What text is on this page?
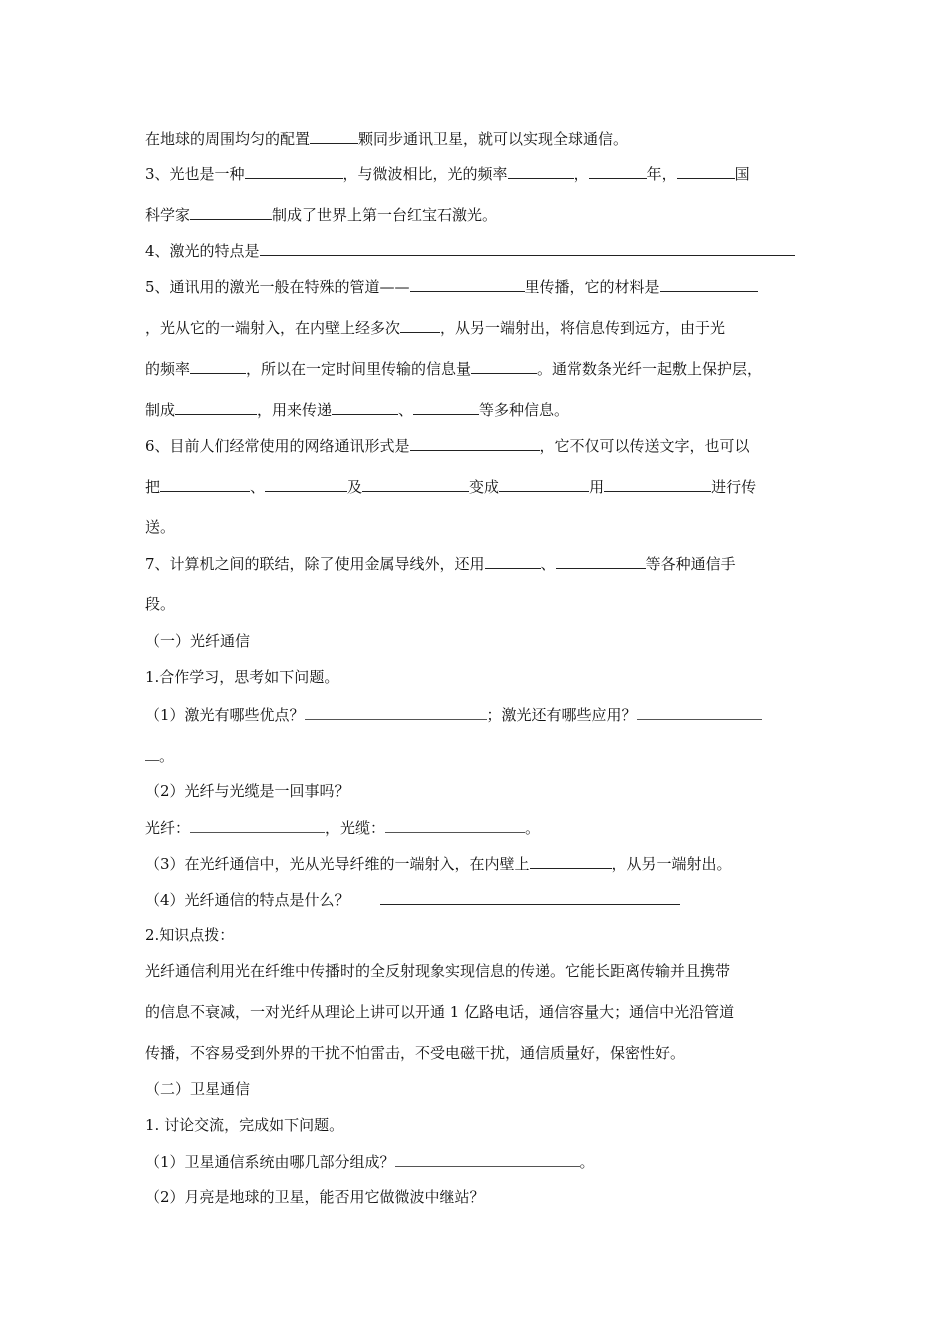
在地球的周围均匀的配置	颗同步通讯卫星，就可以实现全球通信。
3、光也是一种	，与微波相比，光的频率	，	年，	国
科学家	制成了世界上第一台红宝石激光。
4、激光的特点是
5、通讯用的激光一般在特殊的管道——	里传播，它的材料是
，光从它的一端射入，在内壁上经多次	，从另一端射出，将信息传到远方，由于光
的频率	，所以在一定时间里传输的信息量	。通常数条光纤一起敷上保护层，
制成	，用来传递	、	等多种信息。
6、目前人们经常使用的网络通讯形式是	，它不仅可以传送文字，也可以
把	、	及	变成	用	进行传
送。
7、计算机之间的联结，除了使用金属导线外，还用	、	等各种通信手
段。
（一）光纤通信
1.合作学习，思考如下问题。
（1）激光有哪些优点？	；激光还有哪些应用？
。
（2）光纤与光缆是一回事吗？
光纤：	，光缆：	。
（3）在光纤通信中，光从光导纤维的一端射入，在内壁上	，从另一端射出。
（4）光纤通信的特点是什么？
2.知识点拨：
光纤通信利用光在纤维中传播时的全反射现象实现信息的传递。它能长距离传输并且携带
的信息不衰减，一对光纤从理论上讲可以开通 1 亿路电话，通信容量大；通信中光沿管道
传播，不容易受到外界的干扰不怕雷击，不受电磁干扰，通信质量好，保密性好。
（二）卫星通信
1. 讨论交流，完成如下问题。
（1）卫星通信系统由哪几部分组成？	。
（2）月亮是地球的卫星，能否用它做微波中继站？
